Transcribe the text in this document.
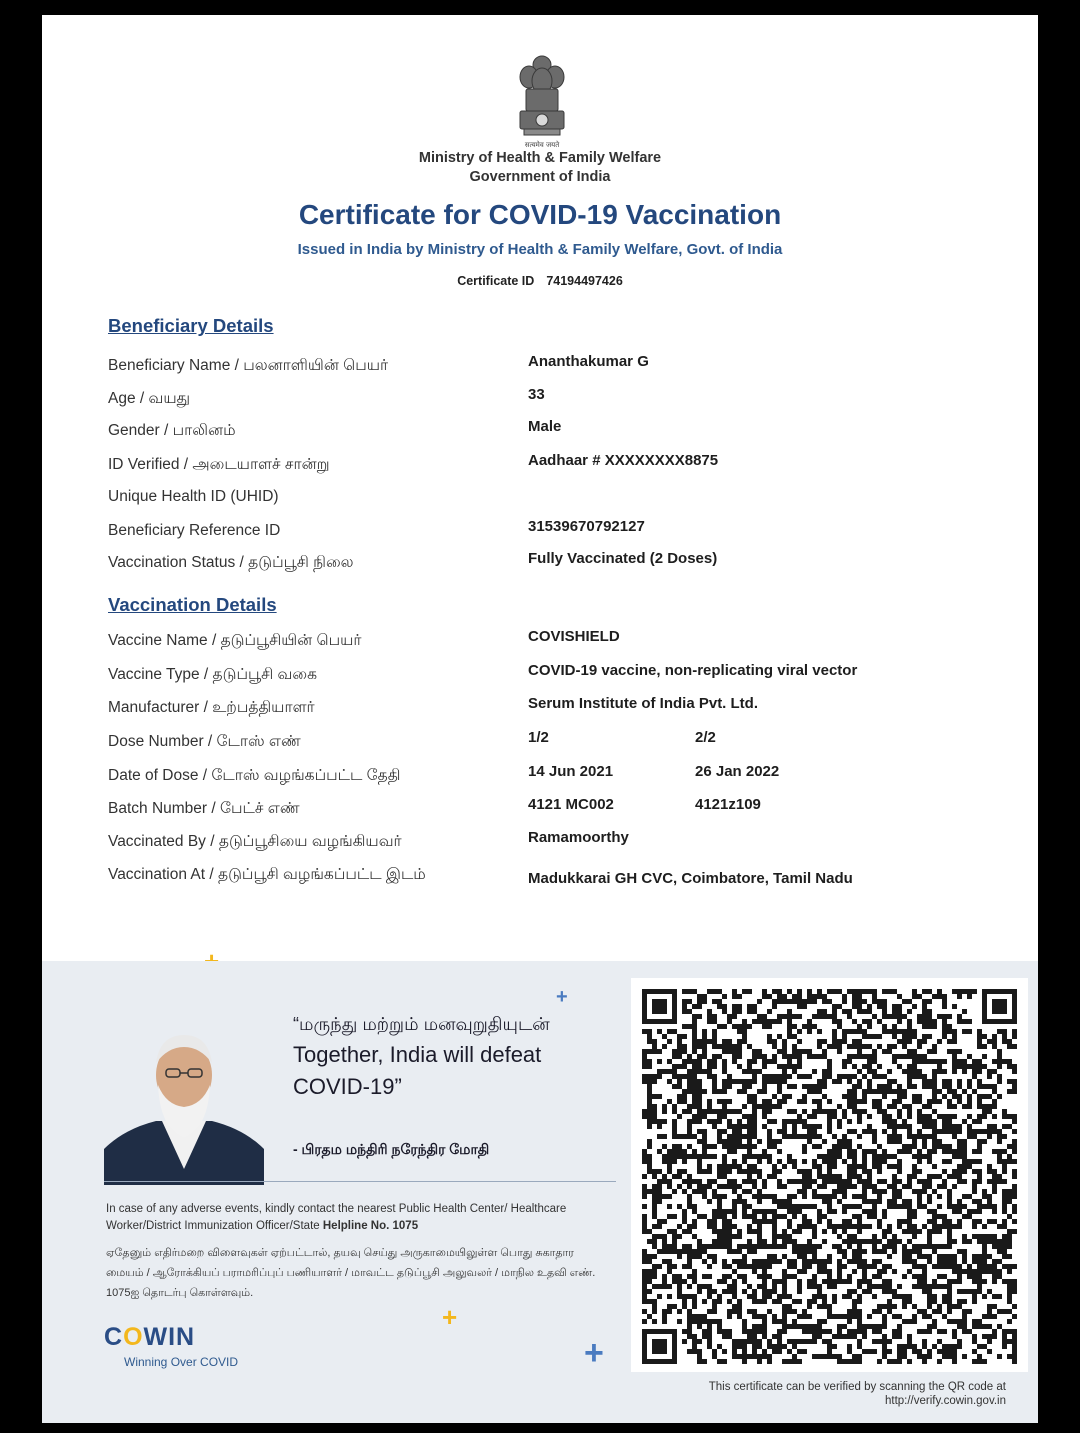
सत्यमेव जयते
Ministry of Health & Family Welfare
Government of India
Certificate for COVID-19 Vaccination
Issued in India by Ministry of Health & Family Welfare, Govt. of India
Certificate ID 74194497426
Beneficiary Details
Beneficiary Name / பலனாளியின் பெயர்	Ananthakumar G
Age / வயது	33
Gender / பாலினம்	Male
ID Verified / அடையாளச் சான்று	Aadhaar # XXXXXXXX8875
Unique Health ID (UHID)
Beneficiary Reference ID	31539670792127
Vaccination Status / தடுப்பூசி நிலை	Fully Vaccinated (2 Doses)
Vaccination Details
Vaccine Name / தடுப்பூசியின் பெயர்	COVISHIELD
Vaccine Type / தடுப்பூசி வகை	COVID-19 vaccine, non-replicating viral vector
Manufacturer / உற்பத்தியாளர்	Serum Institute of India Pvt. Ltd.
Dose Number / டோஸ் எண்	1/2	2/2
Date of Dose / டோஸ் வழங்கப்பட்ட தேதி	14 Jun 2021	26 Jan 2022
Batch Number / பேட்ச் எண்	4121 MC002	4121z109
Vaccinated By / தடுப்பூசியை வழங்கியவர்	Ramamoorthy
Vaccination At / தடுப்பூசி வழங்கப்பட்ட இடம்	Madukkarai GH CVC, Coimbatore, Tamil Nadu
+
+
+
“மருந்து மற்றும் மனவுறுதியுடன்
Together, India will defeat COVID-19”
- பிரதம மந்திரி நரேந்திர மோதி
In case of any adverse events, kindly contact the nearest Public Health Center/ Healthcare Worker/District Immunization Officer/State Helpline No. 1075
ஏதேனும் எதிர்மறை விளைவுகள் ஏற்பட்டால், தயவு செய்து அருகாமையிலுள்ள பொது சுகாதார மையம் / ஆரோக்கியப் பராமரிப்புப் பணியாளர் / மாவட்ட தடுப்பூசி அலுவலர் / மாநில உதவி எண். 1075ஐ தொடர்பு கொள்ளவும்.
COWIN
Winning Over COVID
This certificate can be verified by scanning the QR code at
http://verify.cowin.gov.in
